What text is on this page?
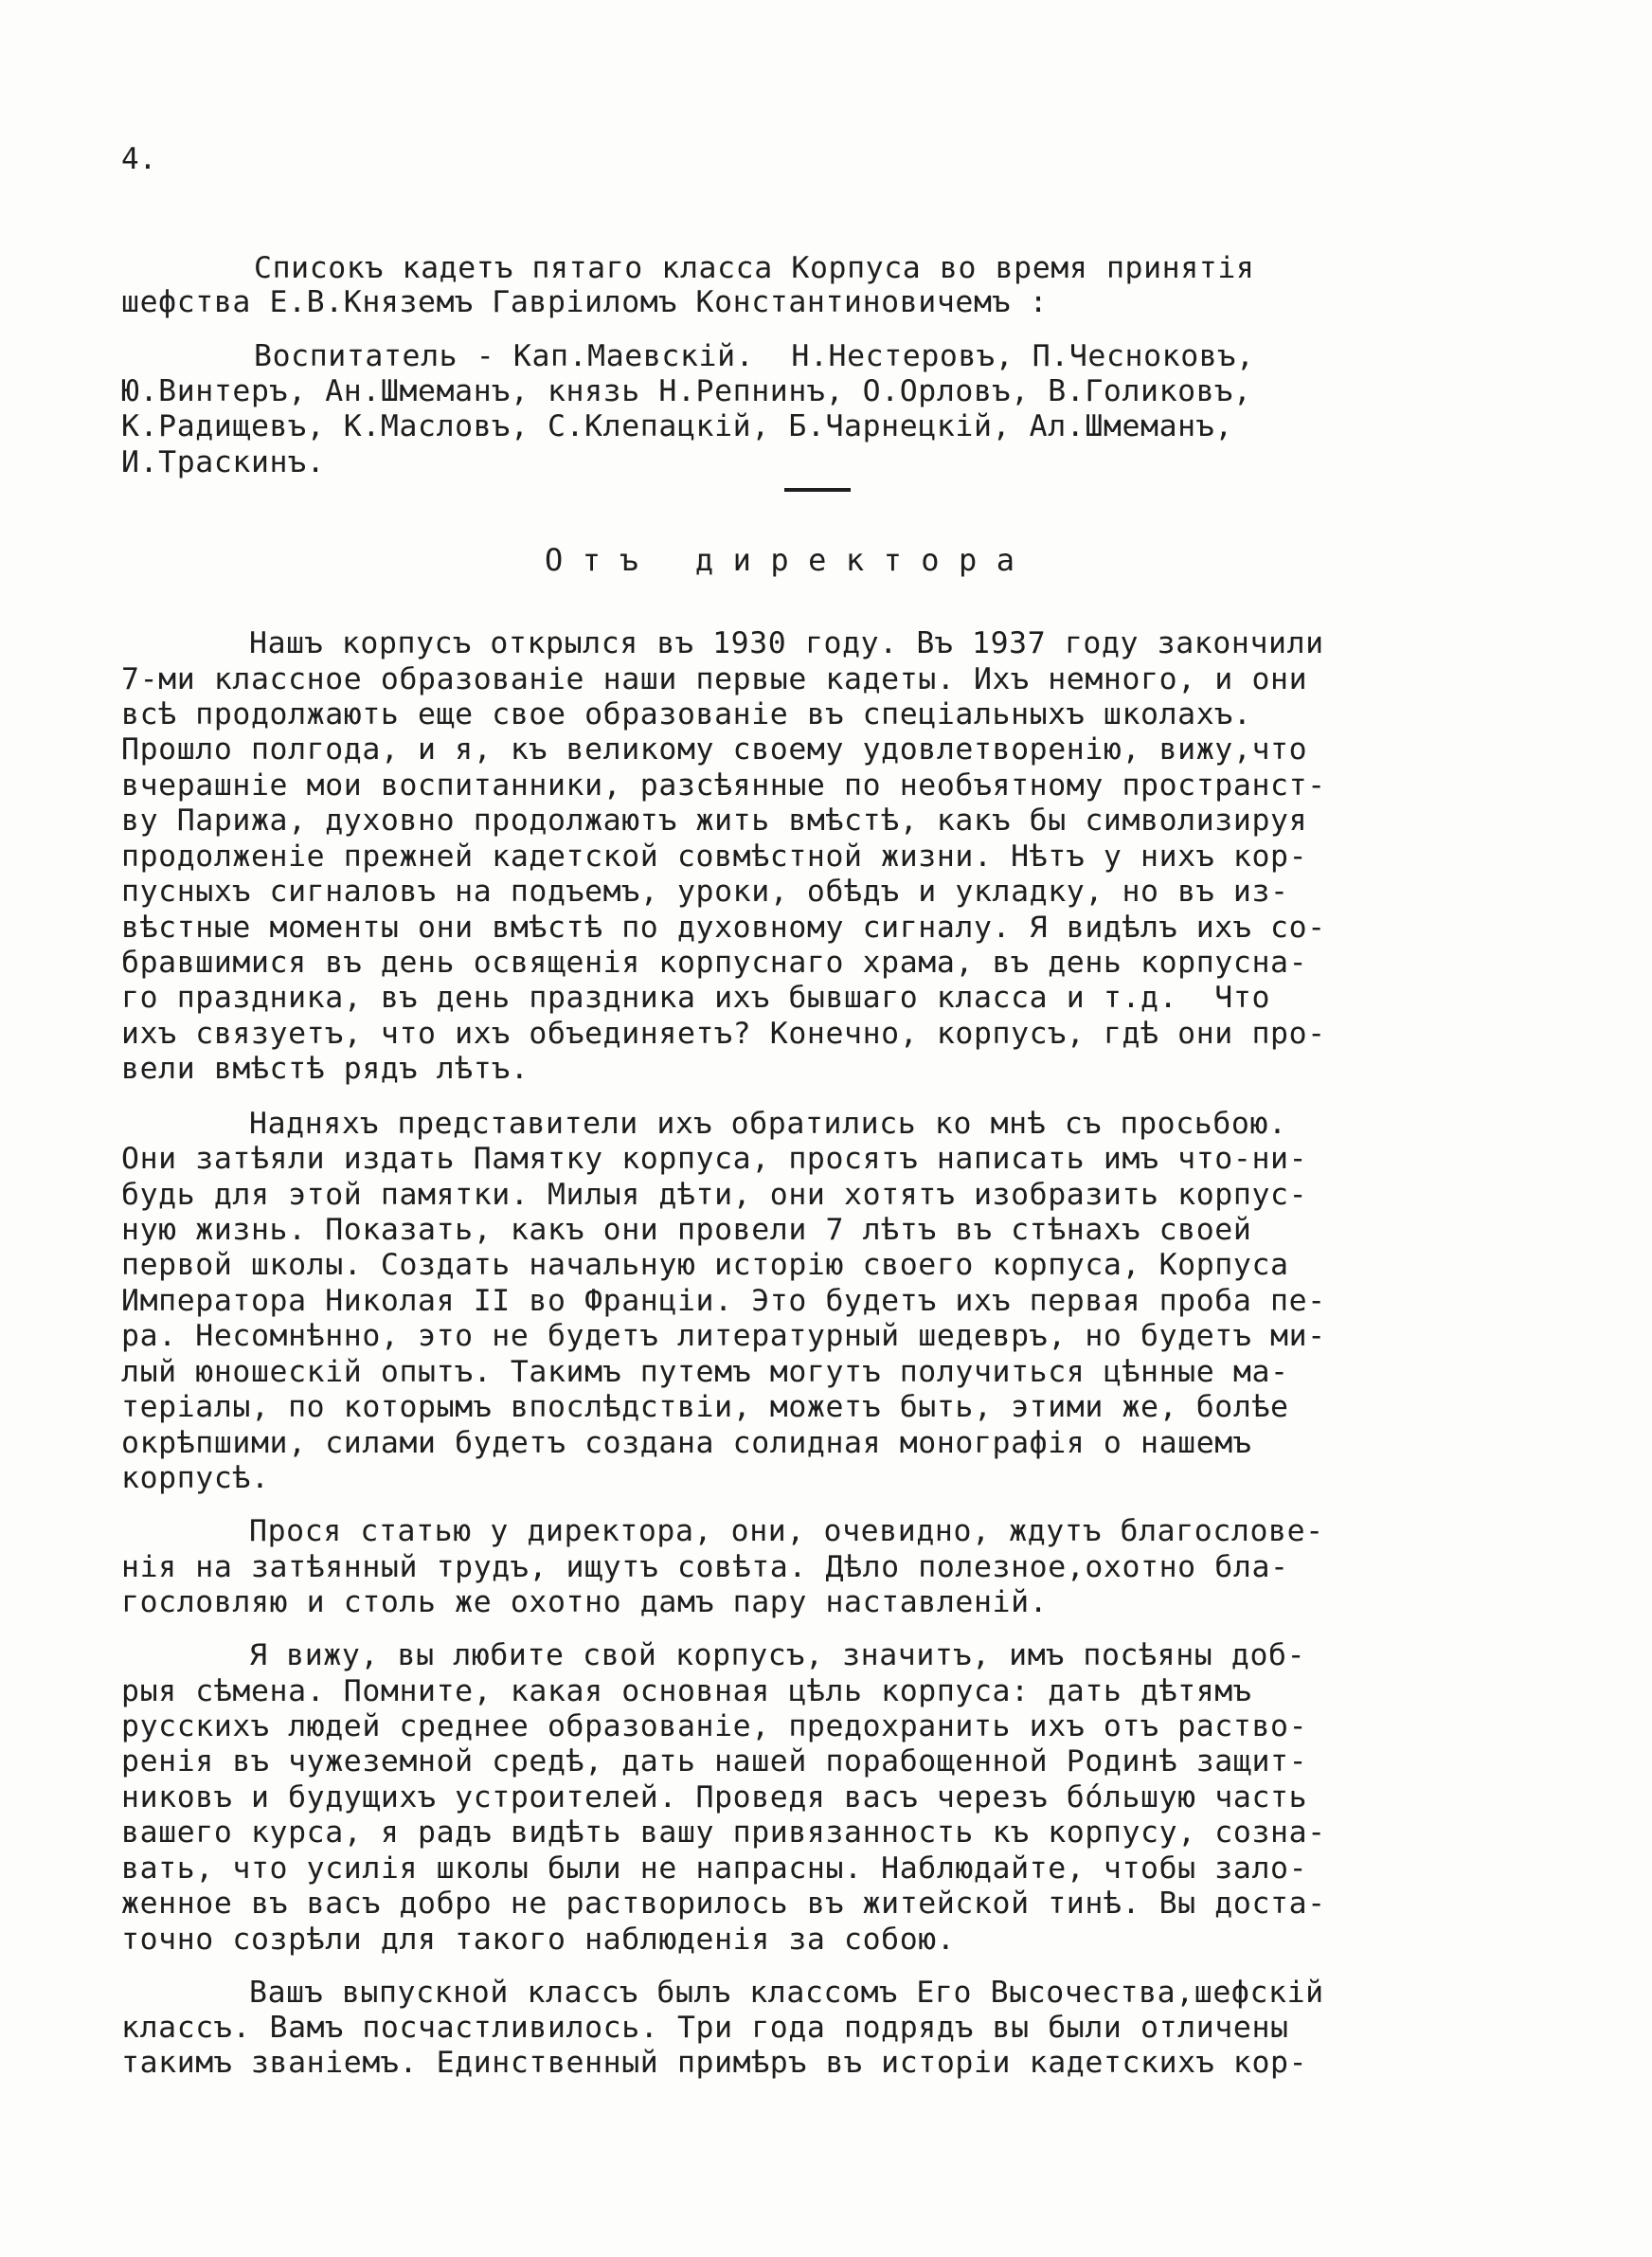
4.
Списокъ кадетъ пятаго класса Корпуса во время принятія
шефства Е.В.Княземъ Гавріиломъ Константиновичемъ :
Воспитатель - Кап.Маевскій.  Н.Нестеровъ, П.Чесноковъ,
Ю.Винтеръ, Ан.Шмеманъ, князь Н.Репнинъ, О.Орловъ, В.Голиковъ,
К.Радищевъ, К.Масловъ, С.Клепацкій, Б.Чарнецкій, Ал.Шмеманъ,
И.Траскинъ.
О т ъ   д и р е к т о р а
Нашъ корпусъ открылся въ 1930 году. Въ 1937 году закончили
7-ми классное образованіе наши первые кадеты. Ихъ немного, и они
всѣ продолжають еще свое образованіе въ спеціальныхъ школахъ.
Прошло полгода, и я, къ великому своему удовлетворенію, вижу,что
вчерашніе мои воспитанники, разсѣянные по необъятному пространст-
ву Парижа, духовно продолжаютъ жить вмѣстѣ, какъ бы символизируя
продолженіе прежней кадетской совмѣстной жизни. Нѣтъ у нихъ кор-
пусныхъ сигналовъ на подъемъ, уроки, обѣдъ и укладку, но въ из-
вѣстные моменты они вмѣстѣ по духовному сигналу. Я видѣлъ ихъ со-
бравшимися въ день освященія корпуснаго храма, въ день корпусна-
го праздника, въ день праздника ихъ бывшаго класса и т.д.  Что
ихъ связуетъ, что ихъ объединяетъ? Конечно, корпусъ, гдѣ они про-
вели вмѣстѣ рядъ лѣтъ.
Надняхъ представители ихъ обратились ко мнѣ съ просьбою.
Они затѣяли издать Памятку корпуса, просятъ написать имъ что-ни-
будь для этой памятки. Милыя дѣти, они хотятъ изобразить корпус-
ную жизнь. Показать, какъ они провели 7 лѣтъ въ стѣнахъ своей
первой школы. Создать начальную исторію своего корпуса, Корпуса
Императора Николая II во Франціи. Это будетъ ихъ первая проба пе-
ра. Несомнѣнно, это не будетъ литературный шедевръ, но будетъ ми-
лый юношескій опытъ. Такимъ путемъ могутъ получиться цѣнные ма-
теріалы, по которымъ впослѣдствіи, можетъ быть, этими же, болѣе
окрѣпшими, силами будетъ создана солидная монографія о нашемъ
корпусѣ.
Прося статью у директора, они, очевидно, ждутъ благослове-
нія на затѣянный трудъ, ищутъ совѣта. Дѣло полезное,охотно бла-
гословляю и столь же охотно дамъ пару наставленій.
Я вижу, вы любите свой корпусъ, значитъ, имъ посѣяны доб-
рыя сѣмена. Помните, какая основная цѣль корпуса: дать дѣтямъ
русскихъ людей среднее образованіе, предохранить ихъ отъ раство-
ренія въ чужеземной средѣ, дать нашей порабощенной Родинѣ защит-
никовъ и будущихъ устроителей. Проведя васъ черезъ бóльшую часть
вашего курса, я радъ видѣть вашу привязанность къ корпусу, созна-
вать, что усилія школы были не напрасны. Наблюдайте, чтобы зало-
женное въ васъ добро не растворилось въ житейской тинѣ. Вы доста-
точно созрѣли для такого наблюденія за собою.
Вашъ выпускной классъ былъ классомъ Его Высочества,шефскій
классъ. Вамъ посчастливилось. Три года подрядъ вы были отличены
такимъ званіемъ. Единственный примѣръ въ исторіи кадетскихъ кор-
